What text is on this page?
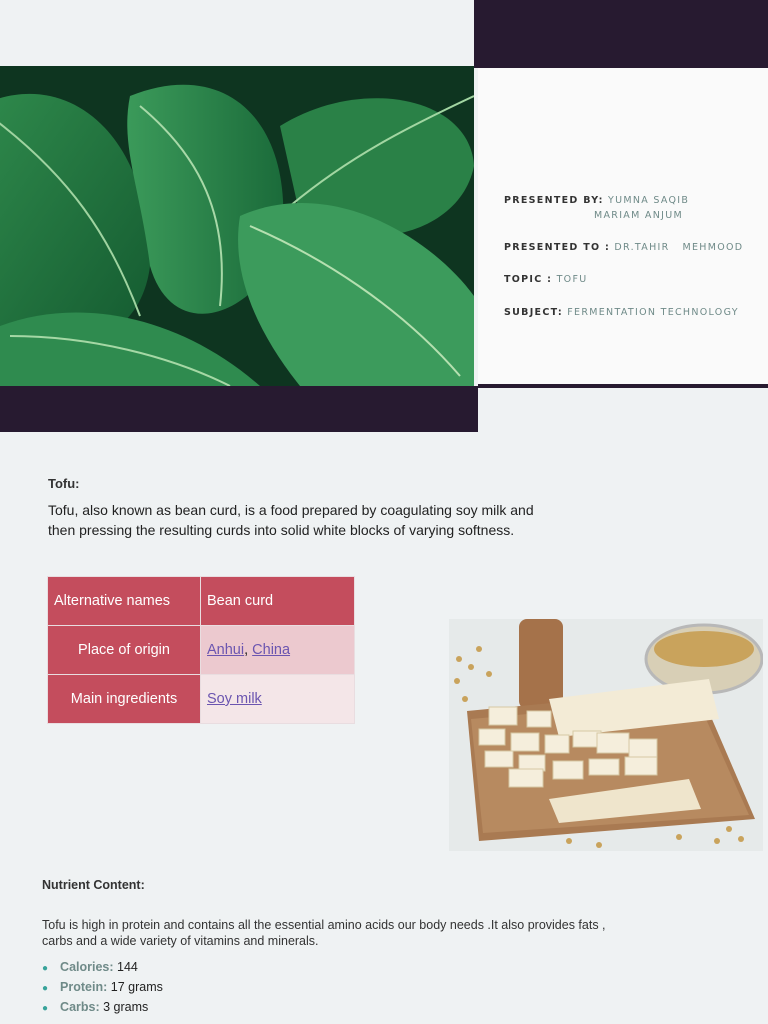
PRESENTED BY: YUMNA SAQIB
MARIAM ANJUM
PRESENTED TO : DR.TAHIR   MEHMOOD
TOPIC : TOFU
SUBJECT: FERMENTATION TECHNOLOGY
Tofu:
Tofu, also known as bean curd, is a food prepared by coagulating soy milk and
then pressing the resulting curds into solid white blocks of varying softness.
Alternative names	Bean curd
Place of origin	Anhui, China
Main ingredients	Soy milk
Nutrient Content:
Tofu is high in protein and contains all the essential amino acids our body needs .It also provides fats ,
carbs and a wide variety of vitamins and minerals.
● Calories: 144
● Protein: 17 grams
● Carbs: 3 grams
